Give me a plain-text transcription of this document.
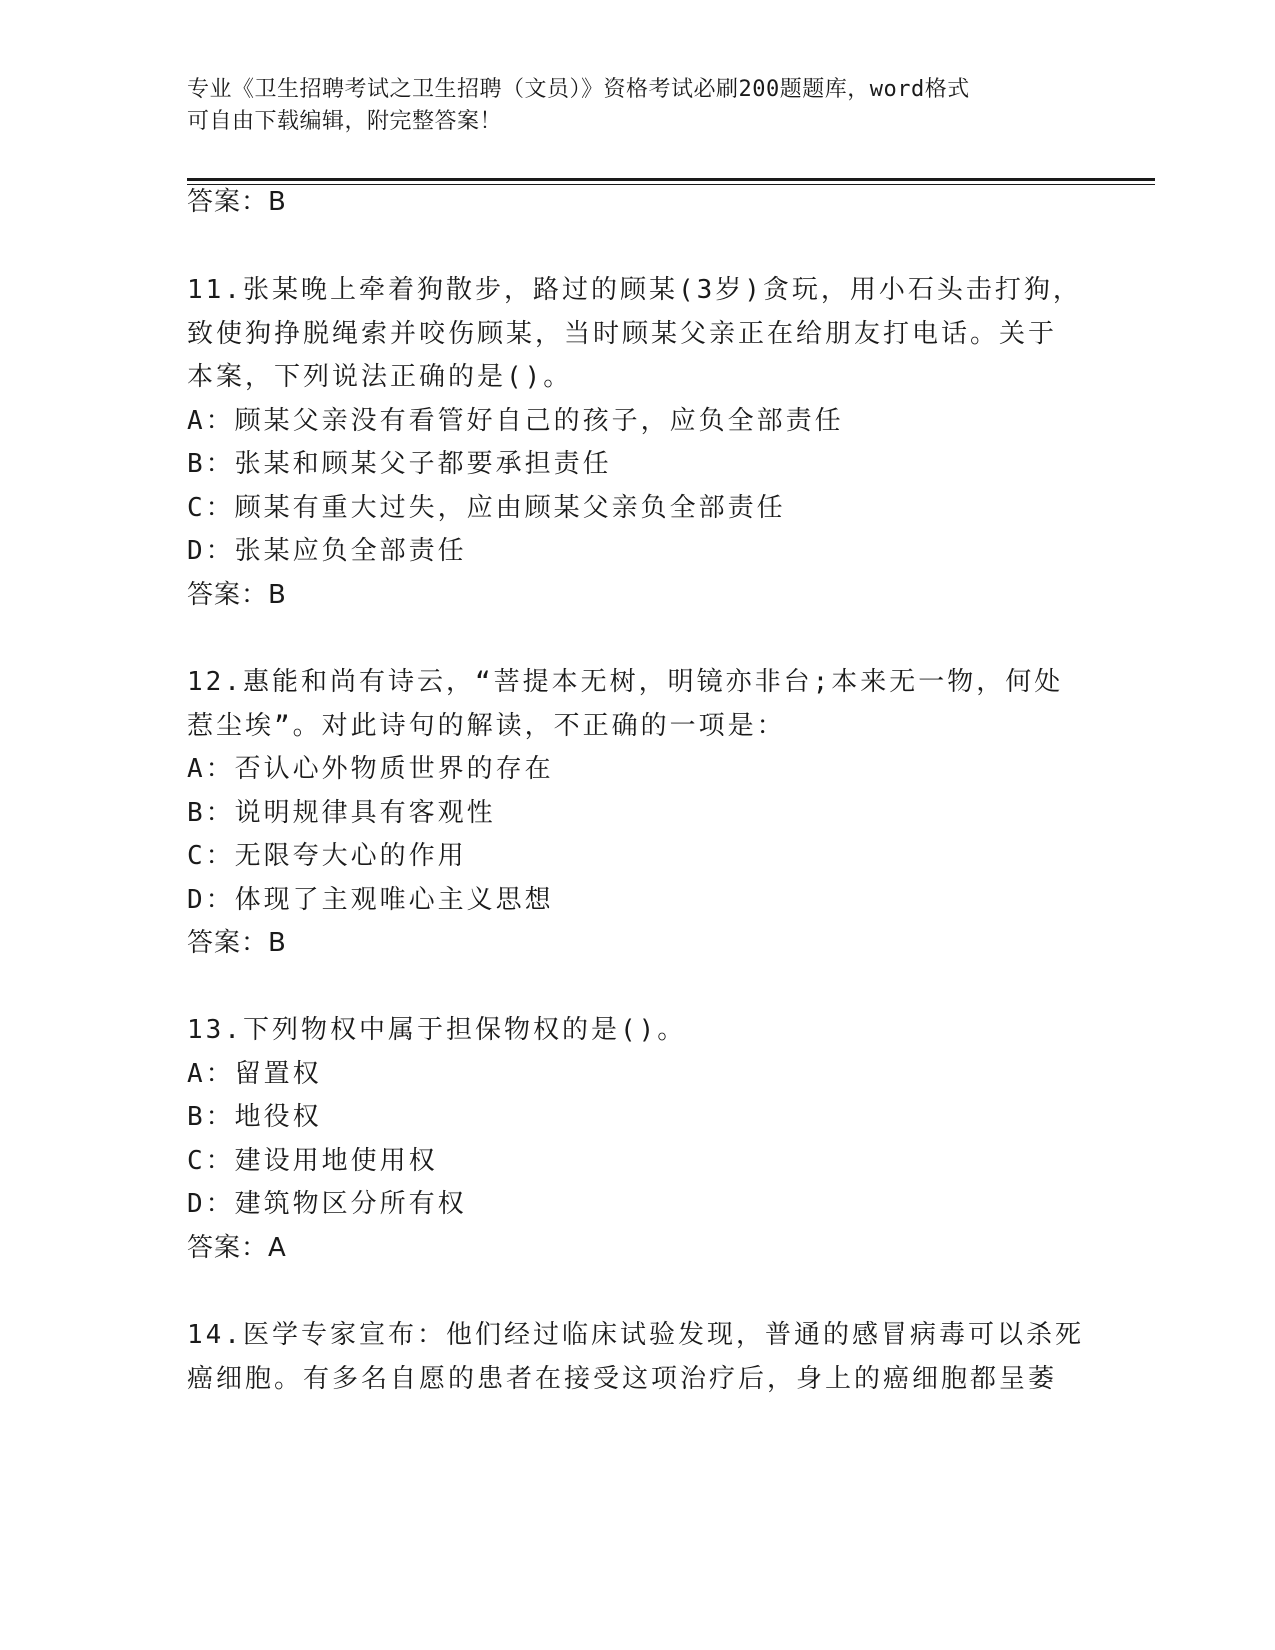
专业《卫生招聘考试之卫生招聘（文员）》资格考试必刷200题题库，word格式
可自由下载编辑，附完整答案！
答案：B
11.张某晚上牵着狗散步，路过的顾某(3岁)贪玩，用小石头击打狗，
致使狗挣脱绳索并咬伤顾某，当时顾某父亲正在给朋友打电话。关于
本案，下列说法正确的是()。
A：顾某父亲没有看管好自己的孩子，应负全部责任
B：张某和顾某父子都要承担责任
C：顾某有重大过失，应由顾某父亲负全部责任
D：张某应负全部责任
答案：B
12.惠能和尚有诗云，“菩提本无树，明镜亦非台;本来无一物，何处
惹尘埃”。对此诗句的解读，不正确的一项是：
A：否认心外物质世界的存在
B：说明规律具有客观性
C：无限夸大心的作用
D：体现了主观唯心主义思想
答案：B
13.下列物权中属于担保物权的是()。
A：留置权
B：地役权
C：建设用地使用权
D：建筑物区分所有权
答案：A
14.医学专家宣布：他们经过临床试验发现，普通的感冒病毒可以杀死
癌细胞。有多名自愿的患者在接受这项治疗后，身上的癌细胞都呈萎
